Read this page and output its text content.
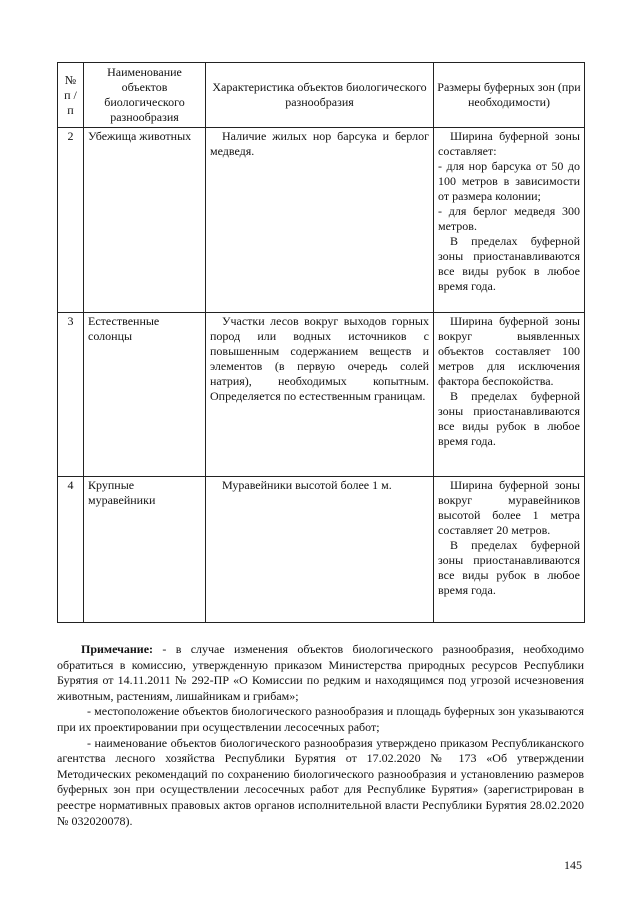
№ п /п	Наименование объектов биологического разнообразия	Характеристика объектов биологического разнообразия	Размеры буферных зон (при необходимости)
2	Убежища животных	Наличие жилых нор барсука и берлог медведя.	Ширина буферной зоны составляет:

- для нор барсука от 50 до 100 метров в зависимости от размера колонии;

- для берлог медведя 300 метров.

В пределах буферной зоны приостанавливаются все виды рубок в любое время года.

3	Естественные солонцы	Участки лесов вокруг выходов горных пород или водных источников с повышенным содержанием веществ и элементов (в первую очередь солей натрия), необходимых копытным. Определяется по естественным границам.	Ширина буферной зоны вокруг выявленных объектов составляет 100 метров для исключения фактора беспокойства.

В пределах буферной зоны приостанавливаются все виды рубок в любое время года.

4	Крупные муравейники	Муравейники высотой более 1 м.	Ширина буферной зоны вокруг муравейников высотой более 1 метра составляет 20 метров.

В пределах буферной зоны приостанавливаются все виды рубок в любое время года.

Примечание: - в случае изменения объектов биологического разнообразия, необходимо обратиться в комиссию, утвержденную приказом Министерства природных ресурсов Республики Бурятия от 14.11.2011 № 292-ПР «О Комиссии по редким и находящимся под угрозой исчезновения животным, растениям, лишайникам и грибам»;

- местоположение объектов биологического разнообразия и площадь буферных зон указываются при их проектировании при осуществлении лесосечных работ;

- наименование объектов биологического разнообразия утверждено приказом Республиканского агентства лесного хозяйства Республики Бурятия от 17.02.2020 № 173 «Об утверждении Методических рекомендаций по сохранению биологического разнообразия и установлению размеров буферных зон при осуществлении лесосечных работ для Республике Бурятия» (зарегистрирован в реестре нормативных правовых актов органов исполнительной власти Республики Бурятия 28.02.2020 № 032020078).

145
